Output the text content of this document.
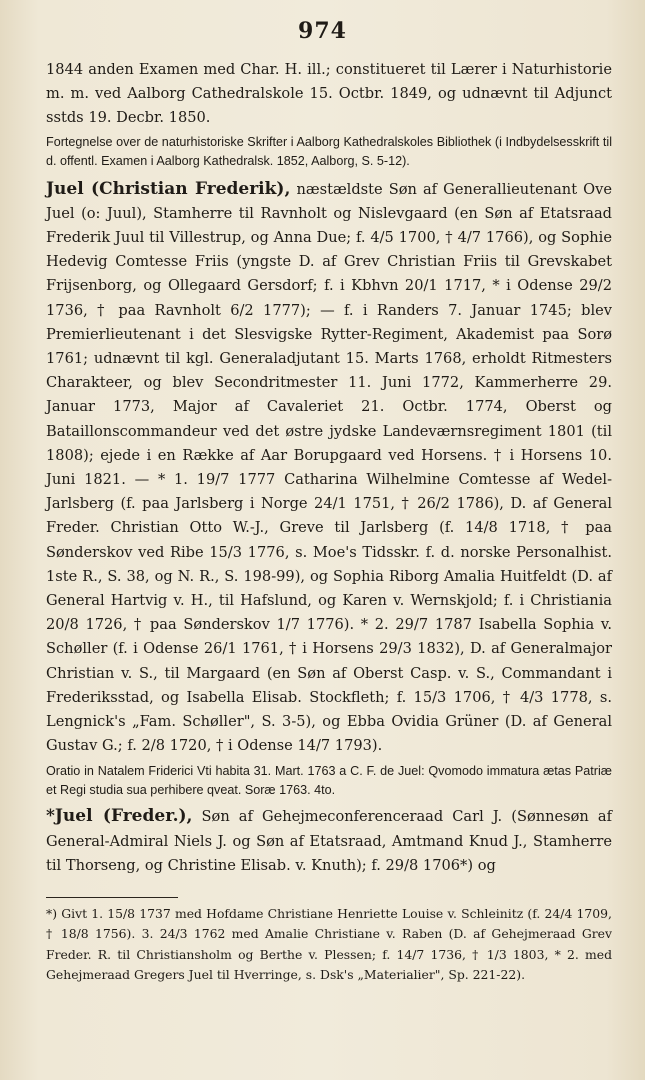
974

1844 anden Examen med Char. H. ill.; constitueret til Lærer i Naturhistorie m. m. ved Aalborg Cathedralskole 15. Octbr. 1849, og udnævnt til Adjunct sstds 19. Decbr. 1850.

Fortegnelse over de naturhistoriske Skrifter i Aalborg Kathedralskoles Bibliothek (i Indbydelsesskrift til d. offentl. Examen i Aalborg Kathedralsk. 1852, Aalborg, S. 5-12).

Juel (Christian Frederik), næstældste Søn af Generallieutenant Ove Juel (o: Juul), Stamherre til Ravnholt og Nislevgaard (en Søn af Etatsraad Frederik Juul til Villestrup, og Anna Due; f. 4/5 1700, † 4/7 1766), og Sophie Hedevig Comtesse Friis (yngste D. af Grev Christian Friis til Grevskabet Frijsenborg, og Ollegaard Gersdorf; f. i Kbhvn 20/1 1717, * i Odense 29/2 1736, † paa Ravnholt 6/2 1777); — f. i Randers 7. Januar 1745; blev Premierlieutenant i det Slesvigske Rytter-Regiment, Akademist paa Sorø 1761; udnævnt til kgl. Generaladjutant 15. Marts 1768, erholdt Ritmesters Charakteer, og blev Secondritmester 11. Juni 1772, Kammerherre 29. Januar 1773, Major af Cavaleriet 21. Octbr. 1774, Oberst og Bataillonscommandeur ved det østre jydske Landeværnsregiment 1801 (til 1808); ejede i en Række af Aar Borupgaard ved Horsens. † i Horsens 10. Juni 1821. — * 1. 19/7 1777 Catharina Wilhelmine Comtesse af Wedel-Jarlsberg (f. paa Jarlsberg i Norge 24/1 1751, † 26/2 1786), D. af General Freder. Christian Otto W.-J., Greve til Jarlsberg (f. 14/8 1718, † paa Sønderskov ved Ribe 15/3 1776, s. Moe's Tidsskr. f. d. norske Personalhist. 1ste R., S. 38, og N. R., S. 198-99), og Sophia Riborg Amalia Huitfeldt (D. af General Hartvig v. H., til Hafslund, og Karen v. Wernskjold; f. i Christiania 20/8 1726, † paa Sønderskov 1/7 1776). * 2. 29/7 1787 Isabella Sophia v. Schøller (f. i Odense 26/1 1761, † i Horsens 29/3 1832), D. af Generalmajor Christian v. S., til Margaard (en Søn af Oberst Casp. v. S., Commandant i Frederiksstad, og Isabella Elisab. Stockfleth; f. 15/3 1706, † 4/3 1778, s. Lengnick's „Fam. Schøller", S. 3-5), og Ebba Ovidia Grüner (D. af General Gustav G.; f. 2/8 1720, † i Odense 14/7 1793).

Oratio in Natalem Friderici Vti habita 31. Mart. 1763 a C. F. de Juel: Qvomodo immatura ætas Patriæ et Regi studia sua perhibere qveat. Soræ 1763. 4to.

*Juel (Freder.), Søn af Gehejmeconferenceraad Carl J. (Sønnesøn af General-Admiral Niels J. og Søn af Etatsraad, Amtmand Knud J., Stamherre til Thorseng, og Christine Elisab. v. Knuth); f. 29/8 1706*) og

*) Givt 1. 15/8 1737 med Hofdame Christiane Henriette Louise v. Schleinitz (f. 24/4 1709, † 18/8 1756). 3. 24/3 1762 med Amalie Christiane v. Raben (D. af Gehejmeraad Grev Freder. R. til Christiansholm og Berthe v. Plessen; f. 14/7 1736, † 1/3 1803, * 2. med Gehejmeraad Gregers Juel til Hverringe, s. Dsk's „Materialier", Sp. 221-22).
